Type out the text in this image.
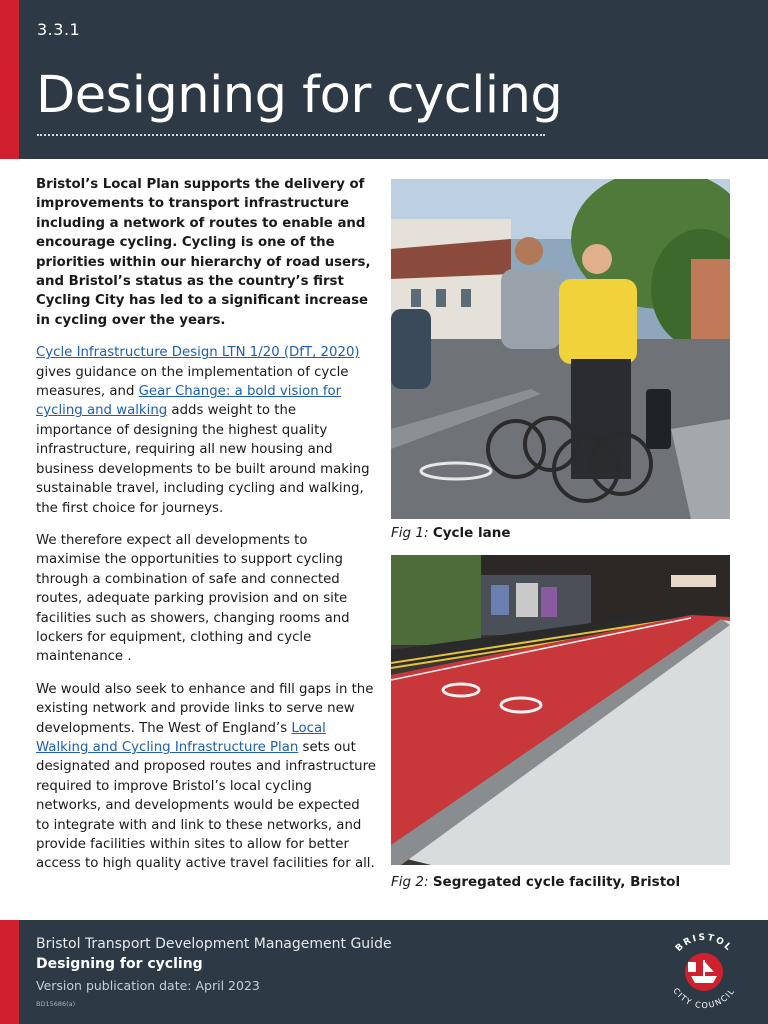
3.3.1
Designing for cycling

Bristol’s Local Plan supports the delivery of improvements to transport infrastructure including a network of routes to enable and encourage cycling. Cycling is one of the priorities within our hierarchy of road users, and Bristol’s status as the country’s first Cycling City has led to a significant increase in cycling over the years.

Cycle Infrastructure Design LTN 1/20 (DfT, 2020) gives guidance on the implementation of cycle measures, and Gear Change: a bold vision for cycling and walking adds weight to the importance of designing the highest quality infrastructure, requiring all new housing and business developments to be built around making sustainable travel, including cycling and walking, the first choice for journeys.

We therefore expect all developments to maximise the opportunities to support cycling through a combination of safe and connected routes, adequate parking provision and on site facilities such as showers, changing rooms and lockers for equipment, clothing and cycle maintenance .

We would also seek to enhance and fill gaps in the existing network and provide links to serve new developments. The West of England’s Local Walking and Cycling Infrastructure Plan sets out designated and proposed routes and infrastructure required to improve Bristol’s local cycling networks, and developments would be expected to integrate with and link to these networks, and provide facilities within sites to allow for better access to high quality active travel facilities for all.

Fig 1: Cycle lane
Fig 2: Segregated cycle facility, Bristol
Bristol Transport Development Management Guide
Designing for cycling
Version publication date: April 2023
BD15686(a)
BRISTOL
CITY COUNCIL
